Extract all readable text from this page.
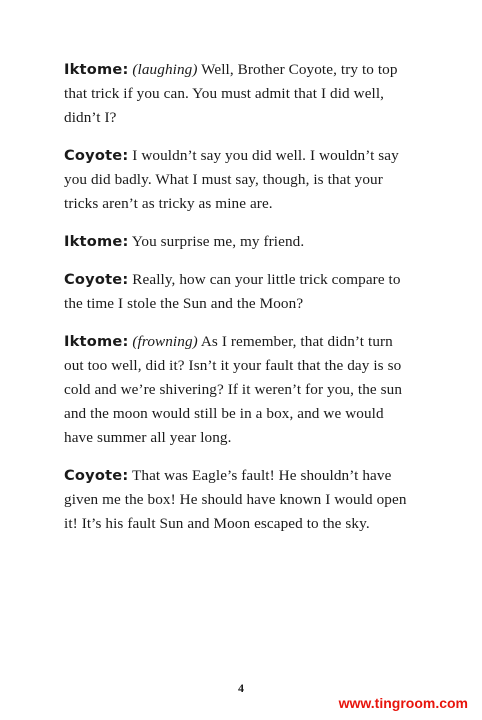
Iktome: (laughing) Well, Brother Coyote, try to top that trick if you can. You must admit that I did well, didn’t I?

Coyote: I wouldn’t say you did well. I wouldn’t say you did badly. What I must say, though, is that your tricks aren’t as tricky as mine are.

Iktome: You surprise me, my friend.

Coyote: Really, how can your little trick compare to the time I stole the Sun and the Moon?

Iktome: (frowning) As I remember, that didn’t turn out too well, did it? Isn’t it your fault that the day is so cold and we’re shivering? If it weren’t for you, the sun and the moon would still be in a box, and we would have summer all year long.

Coyote: That was Eagle’s fault! He shouldn’t have given me the box! He should have known I would open it! It’s his fault Sun and Moon escaped to the sky.

4
www.tingroom.com
